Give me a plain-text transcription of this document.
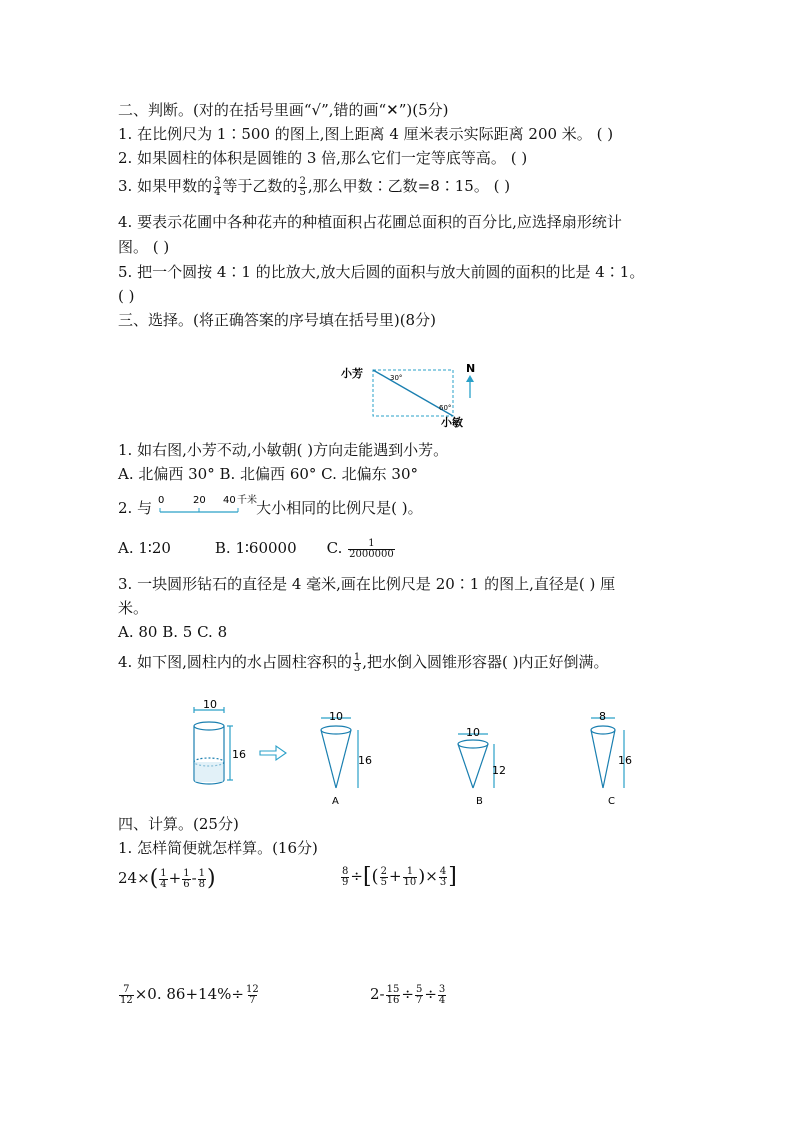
二、判断。(对的在括号里画“√”,错的画“✕”)(5分)
1. 在比例尺为 1∶500 的图上,图上距离 4 厘米表示实际距离 200 米。 ( )
2. 如果圆柱的体积是圆锥的 3 倍,那么它们一定等底等高。 ( )
3. 如果甲数的 $\frac{3}{4}$ 等于乙数的 $\frac{2}{5}$ ,那么甲数∶乙数=8∶15。 ( )
4. 要表示花圃中各种花卉的种植面积占花圃总面积的百分比,应选择扇形统计
图。 ( )
5. 把一个圆按 4∶1 的比放大,放大后圆的面积与放大前圆的面积的比是 4∶1。
( )
三、选择。(将正确答案的序号填在括号里)(8分)
小芳	30°
60°
小敏
N
1. 如右图,小芳不动,小敏朝( )方向走能遇到小芳。
A. 北偏西 30° B. 北偏西 60° C. 北偏东 30°
2. 与	大小相同的比例尺是( )。
0	20 40 千米
A. 1∶20	B. 1∶60000 C. $\frac{1}{2000000}$
3. 一块圆形钻石的直径是 4 毫米,画在比例尺是 20∶1 的图上,直径是( ) 厘
米。
A. 80 B. 5 C. 8
4. 如下图,圆柱内的水占圆柱容积的 $\frac{1}{3}$ ,把水倒入圆锥形容器( )内正好倒满。
10
16
10
16
A
10
12
B
8
16
C
四、计算。(25分)
1. 怎样简便就怎样算。(16分)
$24\times( \frac{1}{4} + \frac{1}{6} - \frac{1}{8}$ )	$\frac{8}{9}$ ÷[( $\frac{2}{5} + \frac{1}{10}$ )× $\frac{4}{3}$ ]
$\frac{7}{12} \times 0$. $86+14\%\div \frac{12}{7}$	$2- \frac{15}{16} \div \frac{5}{7} \div \frac{3}{4}$
